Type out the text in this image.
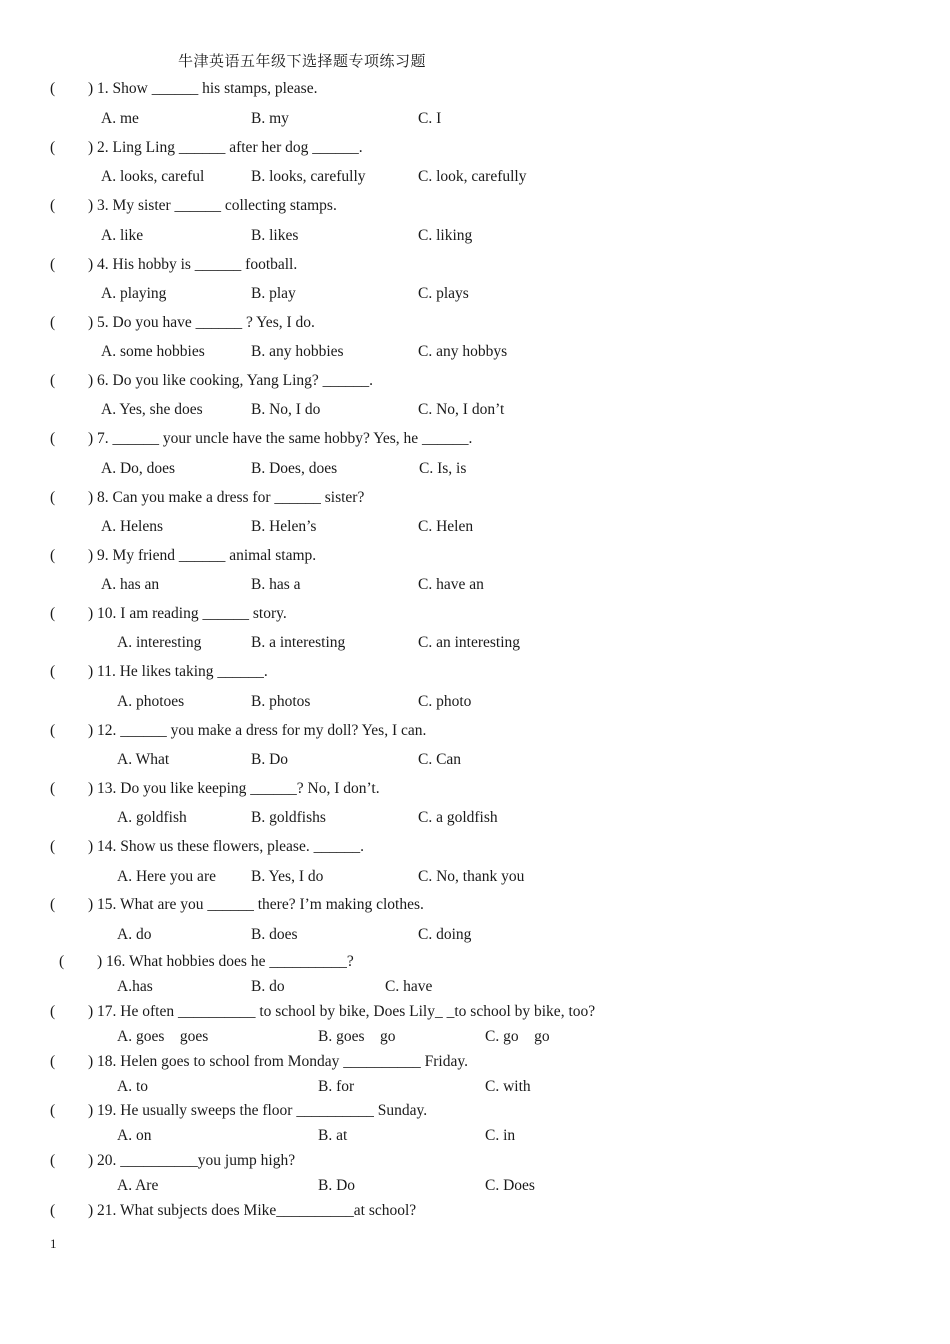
牛津英语五年级下选择题专项练习题
( ) 1. Show ______ his stamps, please.
A. me	B. my	C. I
( ) 2. Ling Ling ______ after her dog ______.
A. looks, careful	B. looks, carefully	C. look, carefully
( ) 3. My sister ______ collecting stamps.
A. like	B. likes	C. liking
( ) 4. His hobby is ______ football.
A. playing	B. play	C. plays
( ) 5. Do you have ______ ? Yes, I do.
A. some hobbies	B. any hobbies	C. any hobbys
( ) 6. Do you like cooking, Yang Ling? ______.
A. Yes, she does	B. No, I do	C. No, I don’t
( ) 7. ______ your uncle have the same hobby? Yes, he ______.
A. Do, does	B. Does, does	C. Is, is
( ) 8. Can you make a dress for ______ sister?
A. Helens	B. Helen’s	C. Helen
( ) 9. My friend ______ animal stamp.
A. has an	B. has a	C. have an
( ) 10. I am reading ______ story.
A. interesting	B. a interesting	C. an interesting
( ) 11. He likes taking ______.
A. photoes	B. photos	C. photo
( ) 12. ______ you make a dress for my doll? Yes, I can.
A. What	B. Do	C. Can
( ) 13. Do you like keeping ______? No, I don’t.
A. goldfish	B. goldfishs	C. a goldfish
( ) 14. Show us these flowers, please. ______.
A. Here you are B. Yes, I do	C. No, thank you
( ) 15. What are you ______ there? I’m making clothes.
A. do	B. does	C. doing
( ) 16. What hobbies does he __________?
A.has	B. do	C. have
( ) 17. He often __________ to school by bike, Does Lily_ _to school by bike, too?
A. goes    goes	B. goes    go	C. go    go
( ) 18. Helen goes to school from Monday __________ Friday.
A. to	B. for	C. with
( ) 19. He usually sweeps the floor __________ Sunday.
A. on	B. at	C. in
( ) 20. __________you jump high?
A. Are	B. Do	C. Does
( ) 21. What subjects does Mike__________at school?
1
